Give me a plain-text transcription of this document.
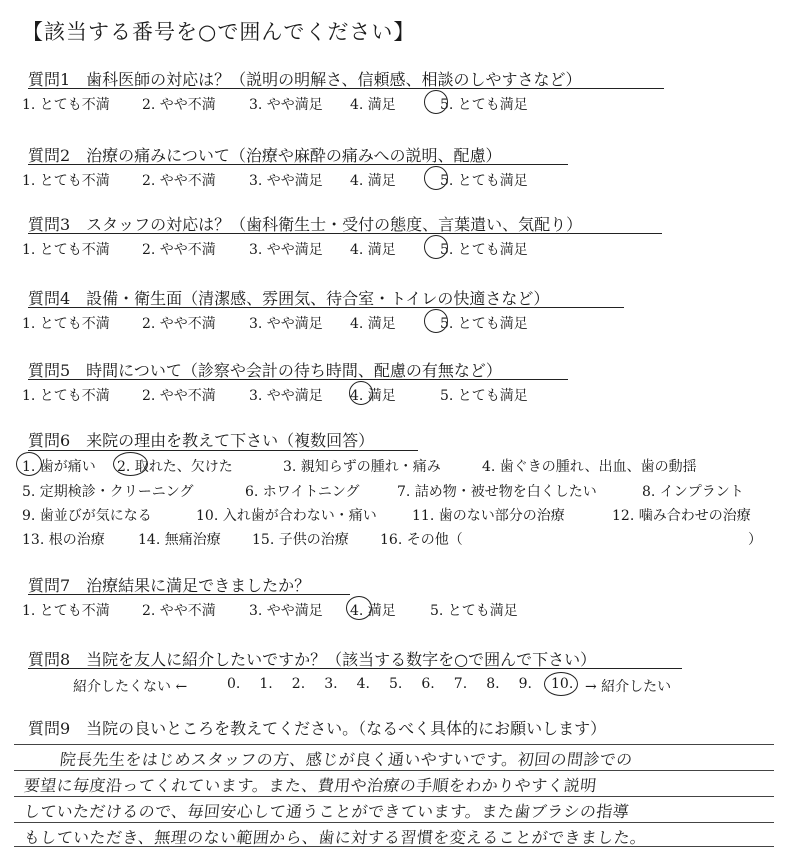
【該当する番号を○で囲んでください】
質問1　歯科医師の対応は？（説明の明解さ、信頼感、相談のしやすさなど）
1. とても不満 2. やや不満 3. やや満足 4. 満足	5. とても満足
質問2　治療の痛みについて（治療や麻酔の痛みへの説明、配慮）
1. とても不満 2. やや不満 3. やや満足 4. 満足	5. とても満足
質問3　スタッフの対応は？（歯科衛生士・受付の態度、言葉遣い、気配り）
1. とても不満 2. やや不満 3. やや満足 4. 満足	5. とても満足
質問4　設備・衛生面（清潔感、雰囲気、待合室・トイレの快適さなど）
1. とても不満 2. やや不満 3. やや満足 4. 満足	5. とても満足
質問5　時間について（診察や会計の待ち時間、配慮の有無など）
1. とても不満 2. やや不満 3. やや満足 4. 満足	5. とても満足
質問6　来院の理由を教えて下さい（複数回答）
1. 歯が痛い 2. 取れた、欠けた	3. 親知らずの腫れ・痛み	4. 歯ぐきの腫れ、出血、歯の動揺
5. 定期検診・クリーニング	6. ホワイトニング	7. 詰め物・被せ物を白くしたい	8. インプラント
9. 歯並びが気になる	10. 入れ歯が合わない・痛い	11. 歯のない部分の治療	12. 噛み合わせの治療
13. 根の治療 14. 無痛治療 15. 子供の治療 16. その他（	）
質問7　治療結果に満足できましたか？
1. とても不満 2. やや不満 3. やや満足 4. 満足 5. とても満足
質問8　当院を友人に紹介したいですか？（該当する数字を○で囲んで下さい）
紹介したくない ←	0. 1. 2. 3. 4. 5. 6. 7. 8. 9. 10. → 紹介したい
質問9　当院の良いところを教えてください。（なるべく具体的にお願いします）
院長先生をはじめスタッフの方、感じが良く通いやすいです。初回の問診での
要望に毎度沿ってくれています。また、費用や治療の手順をわかりやすく説明
していただけるので、毎回安心して通うことができています。また歯ブラシの指導
もしていただき、無理のない範囲から、歯に対する習慣を変えることができました。
